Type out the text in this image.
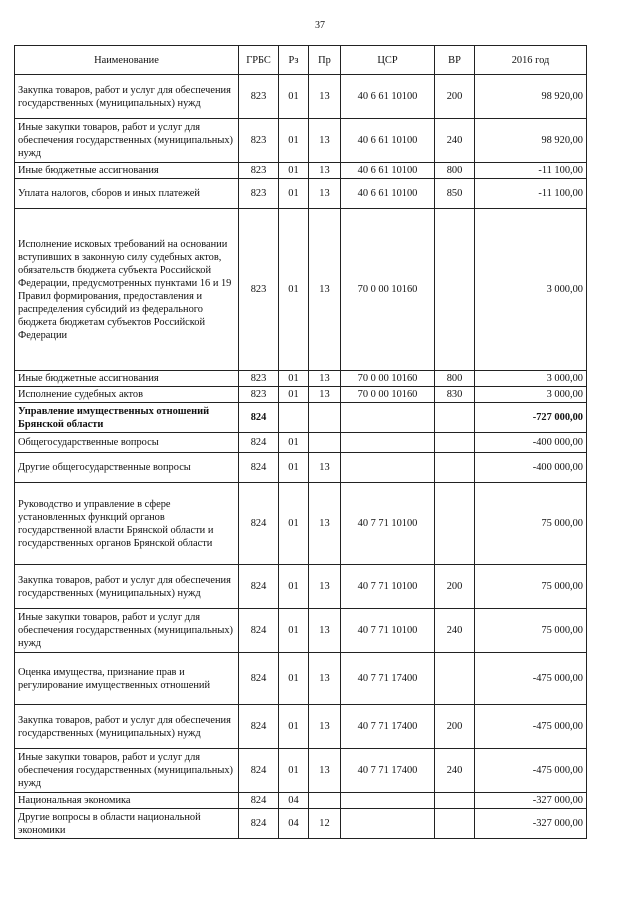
37
Наименование	ГРБС	Рз	Пр	ЦСР	ВР	2016 год
Закупка товаров, работ и услуг для обеспечения государственных (муниципальных) нужд	823	01	13	40 6 61 10100	200	98 920,00
Иные закупки товаров, работ и услуг для обеспечения государственных (муниципальных) нужд	823	01	13	40 6 61 10100	240	98 920,00
Иные бюджетные ассигнования	823	01	13	40 6 61 10100	800	-11 100,00
Уплата налогов, сборов и иных платежей	823	01	13	40 6 61 10100	850	-11 100,00
Исполнение исковых требований на основании вступивших в законную силу судебных актов, обязательств бюджета субъекта Российской Федерации, предусмотренных пунктами 16 и 19 Правил формирования, предоставления и распределения субсидий из федерального бюджета бюджетам субъектов Российской Федерации	823	01	13	70 0 00 10160		3 000,00
Иные бюджетные ассигнования	823	01	13	70 0 00 10160	800	3 000,00
Исполнение судебных актов	823	01	13	70 0 00 10160	830	3 000,00
Управление имущественных отношений Брянской области	824					-727 000,00
Общегосударственные вопросы	824	01				-400 000,00
Другие общегосударственные вопросы	824	01	13			-400 000,00
Руководство и управление в сфере установленных функций органов государственной власти Брянской области и государственных органов Брянской области	824	01	13	40 7 71 10100		75 000,00
Закупка товаров, работ и услуг для обеспечения государственных (муниципальных) нужд	824	01	13	40 7 71 10100	200	75 000,00
Иные закупки товаров, работ и услуг для обеспечения государственных (муниципальных) нужд	824	01	13	40 7 71 10100	240	75 000,00
Оценка имущества, признание прав и регулирование имущественных отношений	824	01	13	40 7 71 17400		-475 000,00
Закупка товаров, работ и услуг для обеспечения государственных (муниципальных) нужд	824	01	13	40 7 71 17400	200	-475 000,00
Иные закупки товаров, работ и услуг для обеспечения государственных (муниципальных) нужд	824	01	13	40 7 71 17400	240	-475 000,00
Национальная экономика	824	04				-327 000,00
Другие вопросы в области национальной экономики	824	04	12			-327 000,00
